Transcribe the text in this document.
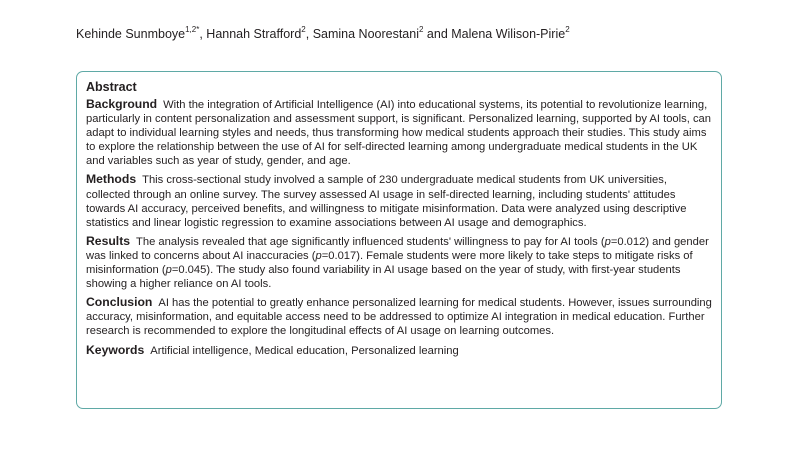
Kehinde Sunmboye$^{1,2*}$, Hannah Strafford$^2$, Samina Noorestani$^2$ and Malena Wilison-Pirie$^2$
Abstract
Background With the integration of Artificial Intelligence (AI) into educational systems, its potential to revolutionize learning, particularly in content personalization and assessment support, is significant. Personalized learning, supported by AI tools, can adapt to individual learning styles and needs, thus transforming how medical students approach their studies. This study aims to explore the relationship between the use of AI for self-directed learning among undergraduate medical students in the UK and variables such as year of study, gender, and age.
Methods This cross-sectional study involved a sample of 230 undergraduate medical students from UK universities, collected through an online survey. The survey assessed AI usage in self-directed learning, including students' attitudes towards AI accuracy, perceived benefits, and willingness to mitigate misinformation. Data were analyzed using descriptive statistics and linear logistic regression to examine associations between AI usage and demographics.
Results The analysis revealed that age significantly influenced students' willingness to pay for AI tools (p=0.012) and gender was linked to concerns about AI inaccuracies (p=0.017). Female students were more likely to take steps to mitigate risks of misinformation (p=0.045). The study also found variability in AI usage based on the year of study, with first-year students showing a higher reliance on AI tools.
Conclusion AI has the potential to greatly enhance personalized learning for medical students. However, issues surrounding accuracy, misinformation, and equitable access need to be addressed to optimize AI integration in medical education. Further research is recommended to explore the longitudinal effects of AI usage on learning outcomes.
Keywords Artificial intelligence, Medical education, Personalized learning
